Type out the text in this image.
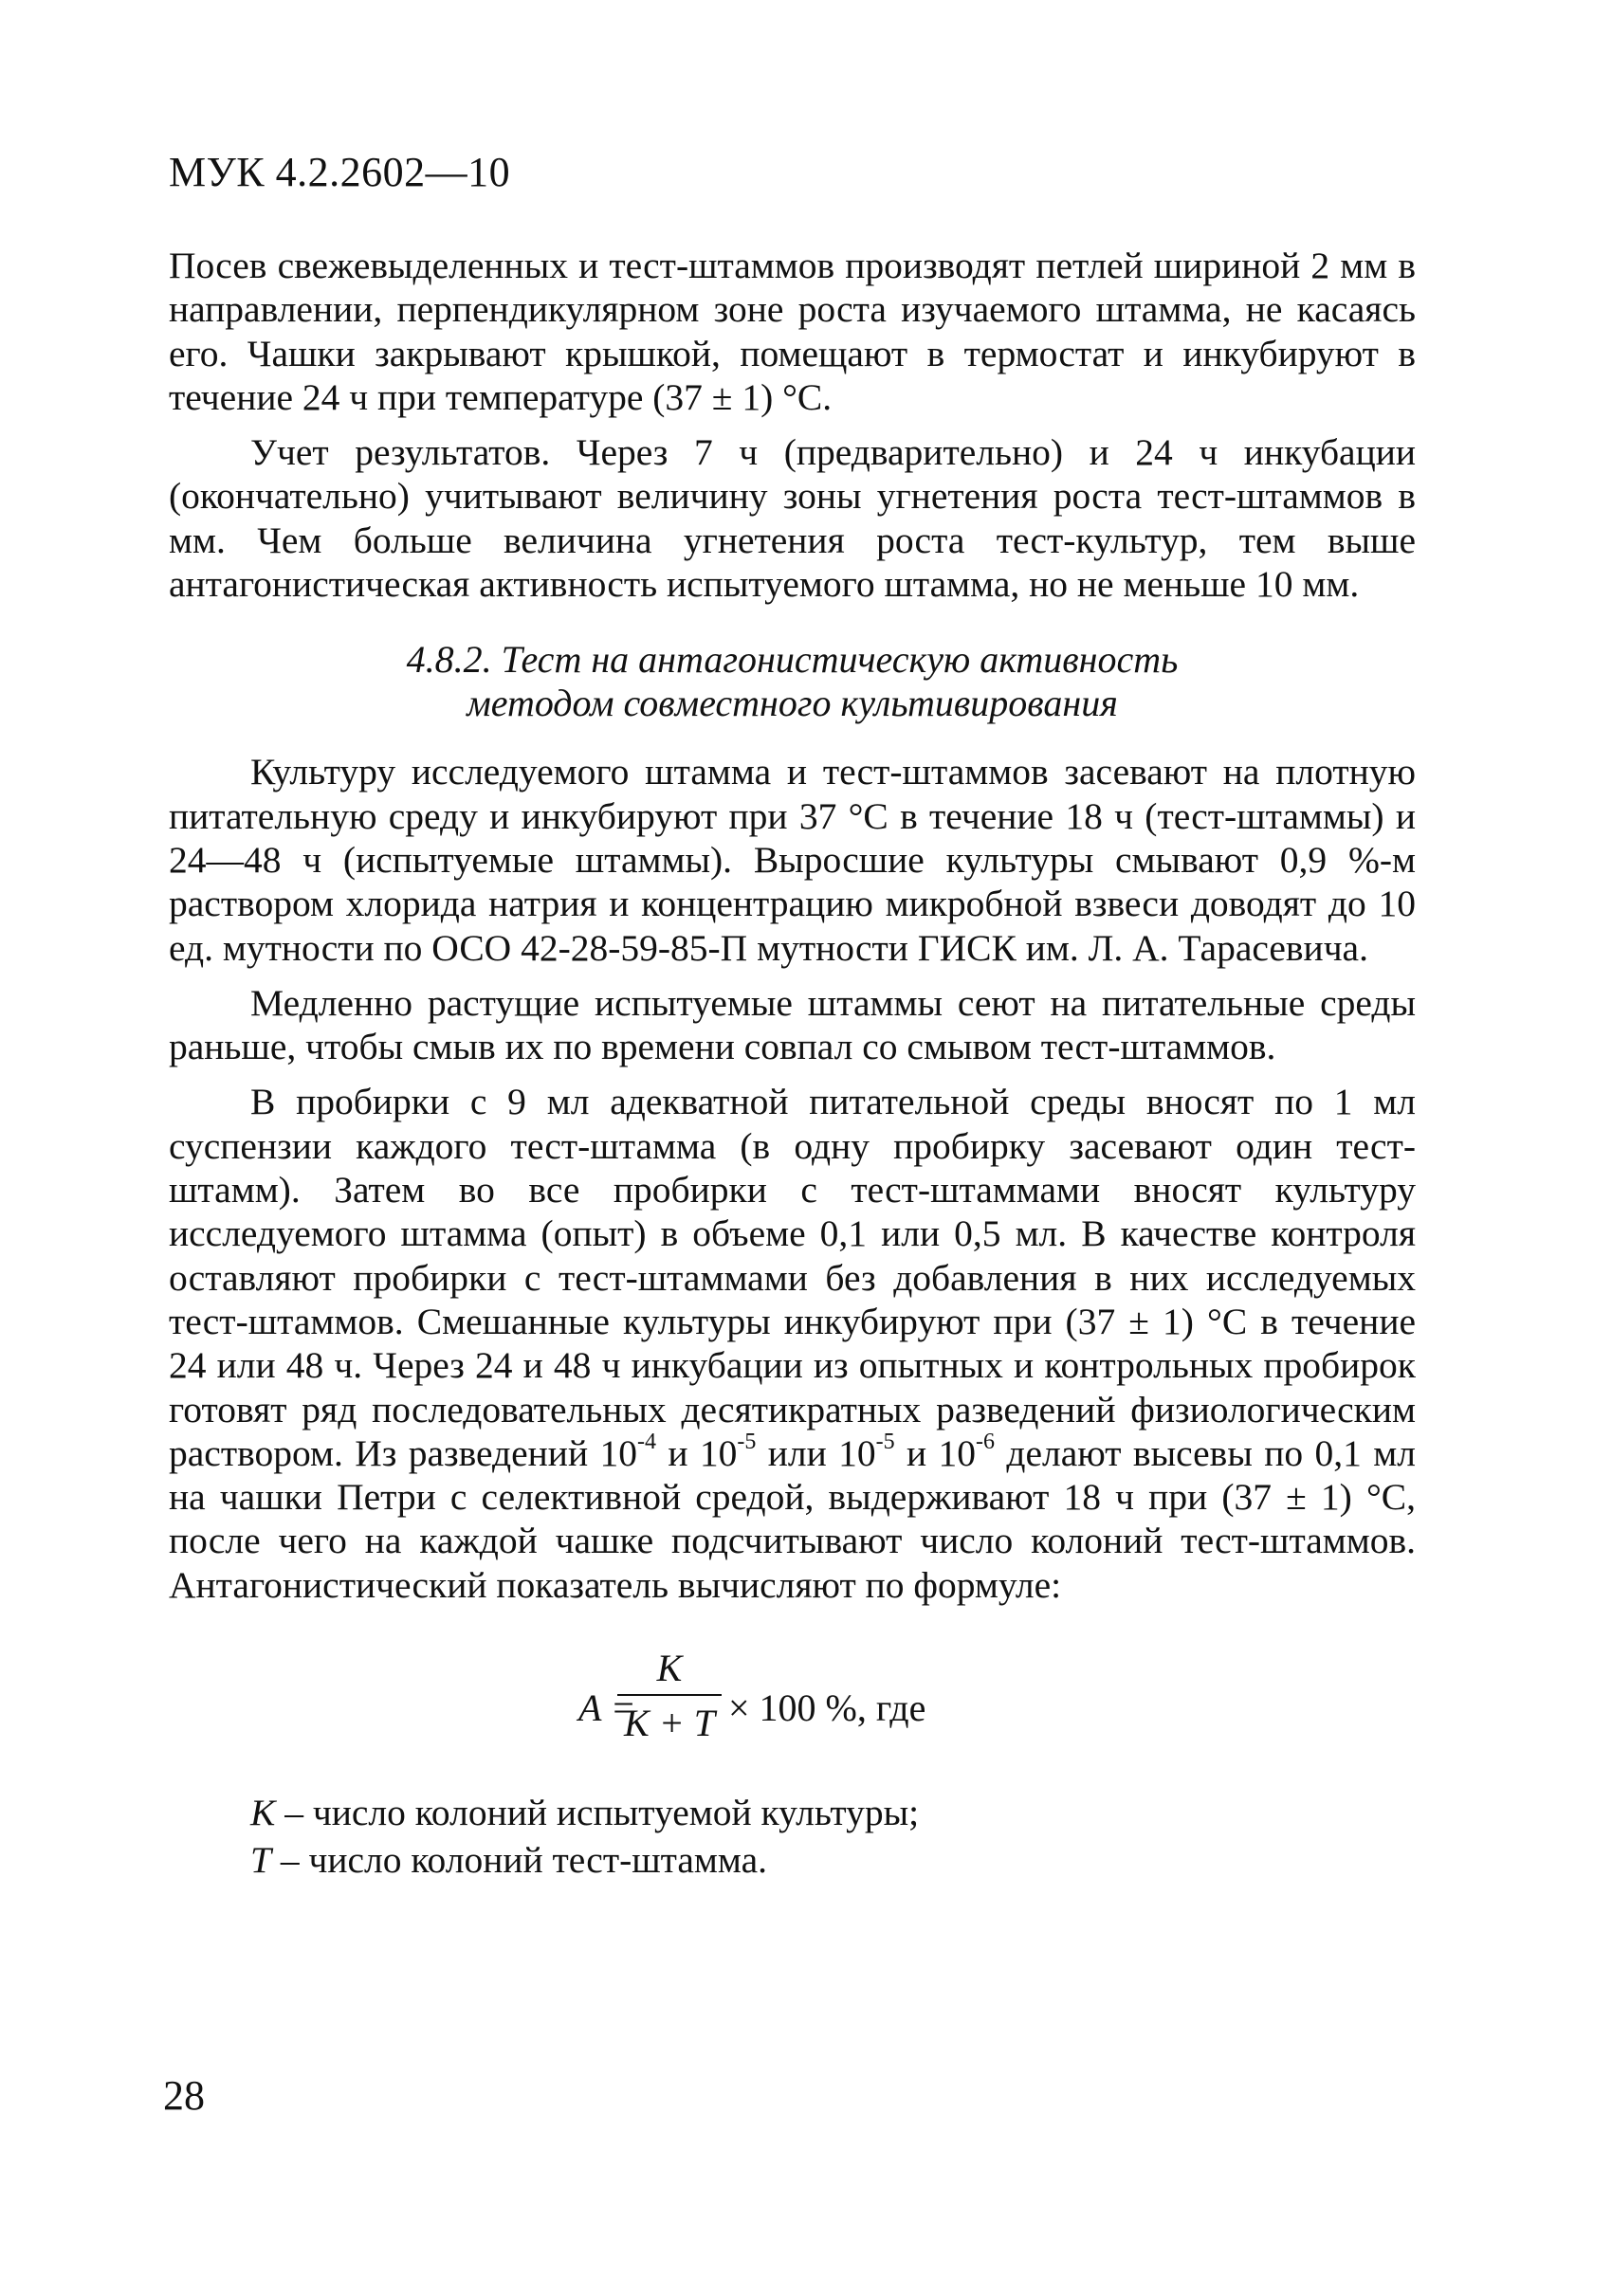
МУК 4.2.2602—10

Посев свежевыделенных и тест-штаммов производят петлей шириной 2 мм в направлении, перпендикулярном зоне роста изучаемого штамма, не касаясь его. Чашки закрывают крышкой, помещают в термостат и инкубируют в течение 24 ч при температуре (37 ± 1) °С.

Учет результатов. Через 7 ч (предварительно) и 24 ч инкубации (окончательно) учитывают величину зоны угнетения роста тест-штаммов в мм. Чем больше величина угнетения роста тест-культур, тем выше антагонистическая активность испытуемого штамма, но не меньше 10 мм.

4.8.2. Тест на антагонистическую активность
методом совместного культивирования

Культуру исследуемого штамма и тест-штаммов засевают на плотную питательную среду и инкубируют при 37 °С в течение 18 ч (тест-штаммы) и 24—48 ч (испытуемые штаммы). Выросшие культуры смывают 0,9 %-м раствором хлорида натрия и концентрацию микробной взвеси доводят до 10 ед. мутности по ОСО 42-28-59-85-П мутности ГИСК им. Л. А. Тарасевича.

Медленно растущие испытуемые штаммы сеют на питательные среды раньше, чтобы смыв их по времени совпал со смывом тест-штаммов.

В пробирки с 9 мл адекватной питательной среды вносят по 1 мл суспензии каждого тест-штамма (в одну пробирку засевают один тест-штамм). Затем во все пробирки с тест-штаммами вносят культуру исследуемого штамма (опыт) в объеме 0,1 или 0,5 мл. В качестве контроля оставляют пробирки с тест-штаммами без добавления в них исследуемых тест-штаммов. Смешанные культуры инкубируют при (37 ± 1) °С в течение 24 или 48 ч. Через 24 и 48 ч инкубации из опытных и контрольных пробирок готовят ряд последовательных десятикратных разведений физиологическим раствором. Из разведений $10^{-4}$ и $10^{-5}$ или $10^{-5}$ и $10^{-6}$ делают высевы по 0,1 мл на чашки Петри с селективной средой, выдерживают 18 ч при (37 ± 1) °С, после чего на каждой чашке подсчитывают число колоний тест-штаммов. Антагонистический показатель вычисляют по формуле:

A =
K
K + T × 100 %, где
K – число колоний испытуемой культуры;
T – число колоний тест-штамма.
28
